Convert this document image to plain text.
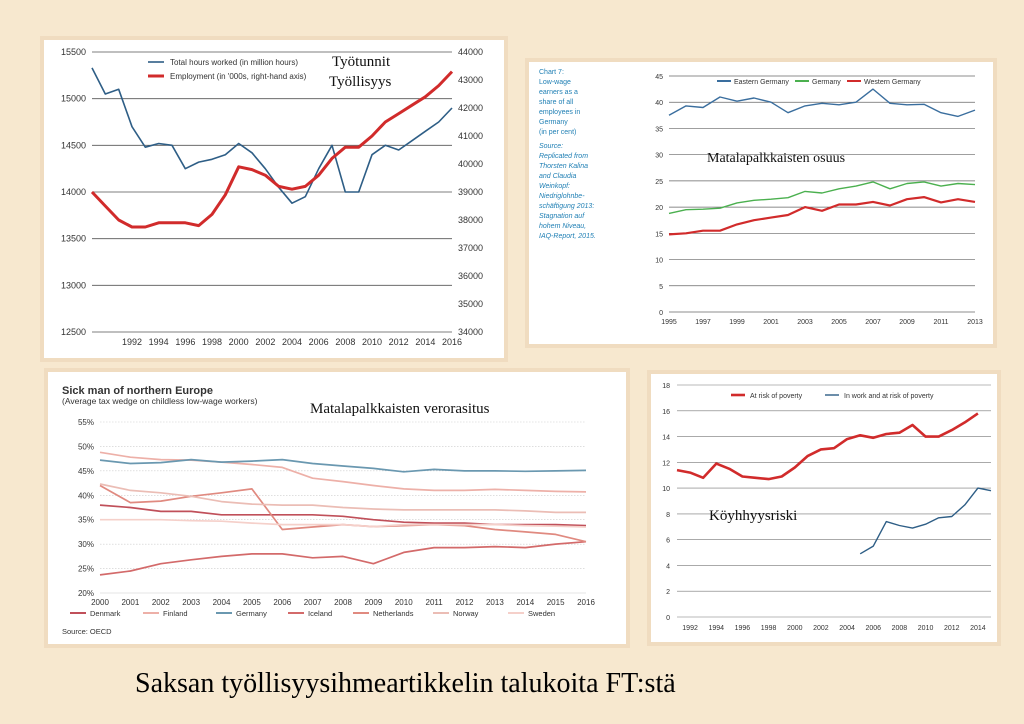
12500
13000
13500
14000
14500
15000
15500
34000
35000
36000
37000
38000
39000
40000
41000
42000
43000
44000
1992 1994 1996 1998 2000 2002 2004 2006 2008 2010 2012 2014 2016
Total hours worked (in million hours)
Employment (in '000s, right-hand axis)
Työtunnit
Työllisyys
Chart 7:
Low-wage
earners as a
share of all
employees in
Germany
(in per cent)
Source:
Replicated from
Thorsten Kalina
and Claudia
Weinkopf:
Niedriglohnbe-
schäftigung 2013:
Stagnation auf
hohem Niveau,
IAQ-Report, 2015.
0
5
10
15
20
25
30
35
40
45
1995	1997	1999	2001	2003	2005	2007	2009	2011	2013
Eastern Germany	Germany	Western Germany
Matalapalkkaisten osuus
Sick man of northern Europe
(Average tax wedge on childless low-wage workers)
20%
25%
30%
35%
40%
45%
50%
55%
2000 2001 2002 2003 2004 2005 2006 2007 2008 2009 2010 2011 2012 2013 2014 2015 2016
Denmark	Finland	Germany	Iceland	Netherlands	Norway	Sweden
Source: OECD
Matalapalkkaisten verorasitus
0
2
4
6
8
10
12
14
16
18
1992 1994 1996 1998 2000 2002 2004 2006 2008 2010 2012 2014
At risk of poverty	In work and at risk of poverty
Köyhhyysriski
Saksan työllisyysihmeartikkelin talukoita FT:stä
